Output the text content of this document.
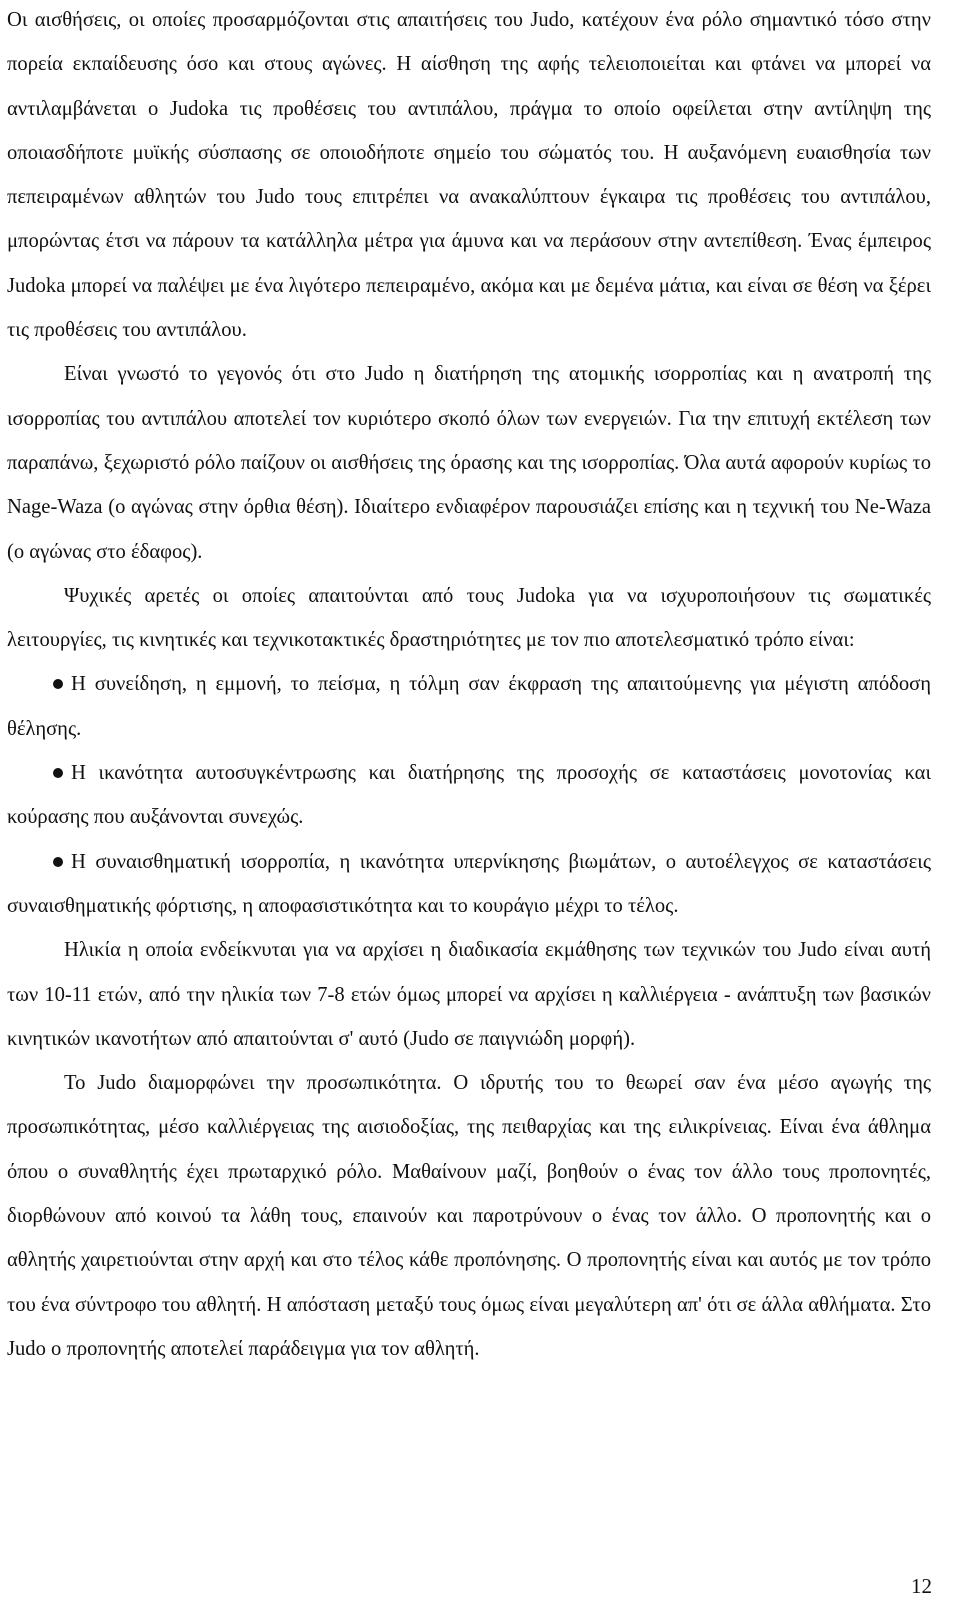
Οι αισθήσεις, οι οποίες προσαρμόζονται στις απαιτήσεις του Judo, κατέχουν ένα ρόλο σημαντικό τόσο στην πορεία εκπαίδευσης όσο και στους αγώνες. Η αίσθηση της αφής τελειοποιείται και φτάνει να μπορεί να αντιλαμβάνεται ο Judoka τις προθέσεις του αντιπάλου, πράγμα το οποίο οφείλεται στην αντίληψη της οποιασδήποτε μυϊκής σύσπασης σε οποιοδήποτε σημείο του σώματός του. Η αυξανόμενη ευαισθησία των πεπειραμένων αθλητών του Judo τους επιτρέπει να ανακαλύπτουν έγκαιρα τις προθέσεις του αντιπάλου, μπορώντας έτσι να πάρουν τα κατάλληλα μέτρα για άμυνα και να περάσουν στην αντεπίθεση. Ένας έμπειρος Judoka μπορεί να παλέψει με ένα λιγότερο πεπειραμένο, ακόμα και με δεμένα μάτια, και είναι σε θέση να ξέρει τις προθέσεις του αντιπάλου.

Είναι γνωστό το γεγονός ότι στο Judo η διατήρηση της ατομικής ισορροπίας και η ανατροπή της ισορροπίας του αντιπάλου αποτελεί τον κυριότερο σκοπό όλων των ενεργειών. Για την επιτυχή εκτέλεση των παραπάνω, ξεχωριστό ρόλο παίζουν οι αισθήσεις της όρασης και της ισορροπίας. Όλα αυτά αφορούν κυρίως το Nage-Waza (ο αγώνας στην όρθια θέση). Ιδιαίτερο ενδιαφέρον παρουσιάζει επίσης και η τεχνική του Ne-Waza (ο αγώνας στο έδαφος).

Ψυχικές αρετές οι οποίες απαιτούνται από τους Judoka για να ισχυροποιήσουν τις σωματικές λειτουργίες, τις κινητικές και τεχνικοτακτικές δραστηριότητες με τον πιο αποτελεσματικό τρόπο είναι:

Η συνείδηση, η εμμονή, το πείσμα, η τόλμη σαν έκφραση της απαιτούμενης για μέγιστη απόδοση θέλησης.

Η ικανότητα αυτοσυγκέντρωσης και διατήρησης της προσοχής σε καταστάσεις μονοτονίας και κούρασης που αυξάνονται συνεχώς.

Η συναισθηματική ισορροπία, η ικανότητα υπερνίκησης βιωμάτων, ο αυτοέλεγχος σε καταστάσεις συναισθηματικής φόρτισης, η αποφασιστικότητα και το κουράγιο μέχρι το τέλος.

Ηλικία η οποία ενδείκνυται για να αρχίσει η διαδικασία εκμάθησης των τεχνικών του Judo είναι αυτή των 10-11 ετών, από την ηλικία των 7-8 ετών όμως μπορεί να αρχίσει η καλλιέργεια - ανάπτυξη των βασικών κινητικών ικανοτήτων από απαιτούνται σ' αυτό (Judo σε παιγνιώδη μορφή).

Το Judo διαμορφώνει την προσωπικότητα. Ο ιδρυτής του το θεωρεί σαν ένα μέσο αγωγής της προσωπικότητας, μέσο καλλιέργειας της αισιοδοξίας, της πειθαρχίας και της ειλικρίνειας. Είναι ένα άθλημα όπου ο συναθλητής έχει πρωταρχικό ρόλο. Μαθαίνουν μαζί, βοηθούν ο ένας τον άλλο τους προπονητές, διορθώνουν από κοινού τα λάθη τους, επαινούν και παροτρύνουν ο ένας τον άλλο. Ο προπονητής και ο αθλητής χαιρετιούνται στην αρχή και στο τέλος κάθε προπόνησης. Ο προπονητής είναι και αυτός με τον τρόπο του ένα σύντροφο του αθλητή. Η απόσταση μεταξύ τους όμως είναι μεγαλύτερη απ' ότι σε άλλα αθλήματα. Στο Judo ο προπονητής αποτελεί παράδειγμα για τον αθλητή.

12
